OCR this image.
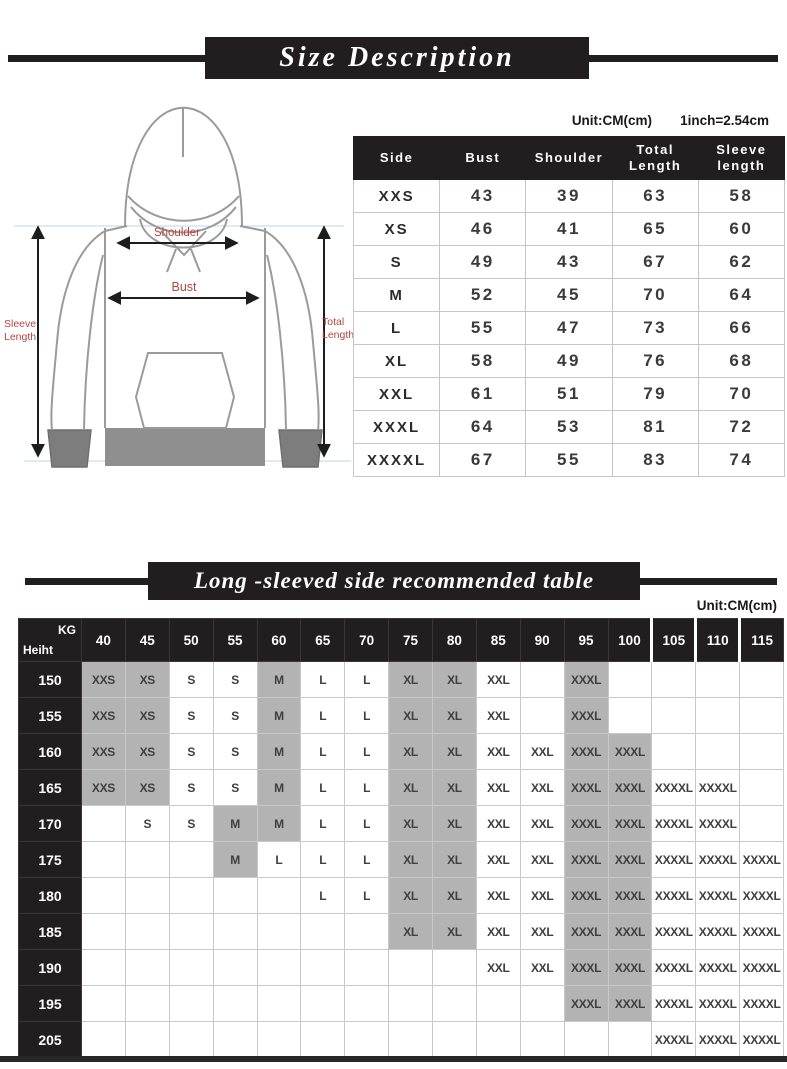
Size Description
Shoulder
Bust
Sleeve
Length
Total
Length
Unit:CM(cm) 1inch=2.54cm
Side	Bust	Shoulder	Total Length	Sleeve length
XXS	43	39	63	58
XS	46	41	65	60
S	49	43	67	62
M	52	45	70	64
L	55	47	73	66
XL	58	49	76	68
XXL	61	51	79	70
XXXL	64	53	81	72
XXXXL	67	55	83	74
Long -sleeved side recommended table
Unit:CM(cm)
KG
Heiht	40	45	50	55	60	65	70	75	80	85	90	95	100	105	110	115
150	XXS	XS	S	S	M	L	L	XL	XL	XXL		XXXL				
155	XXS	XS	S	S	M	L	L	XL	XL	XXL		XXXL				
160	XXS	XS	S	S	M	L	L	XL	XL	XXL	XXL	XXXL	XXXL			
165	XXS	XS	S	S	M	L	L	XL	XL	XXL	XXL	XXXL	XXXL	XXXXL	XXXXL	
170		S	S	M	M	L	L	XL	XL	XXL	XXL	XXXL	XXXL	XXXXL	XXXXL	
175				M	L	L	L	XL	XL	XXL	XXL	XXXL	XXXL	XXXXL	XXXXL	XXXXL
180						L	L	XL	XL	XXL	XXL	XXXL	XXXL	XXXXL	XXXXL	XXXXL
185								XL	XL	XXL	XXL	XXXL	XXXL	XXXXL	XXXXL	XXXXL
190										XXL	XXL	XXXL	XXXL	XXXXL	XXXXL	XXXXL
195												XXXL	XXXL	XXXXL	XXXXL	XXXXL
205														XXXXL	XXXXL	XXXXL
